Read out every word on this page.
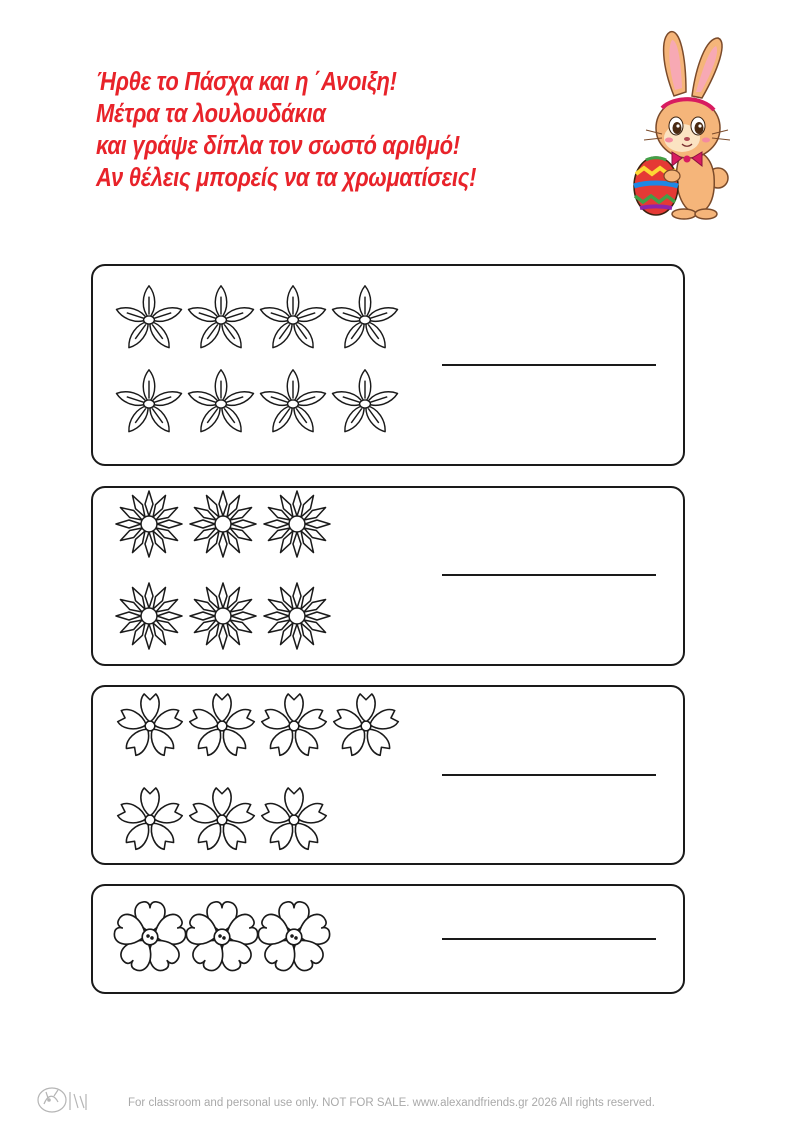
Ήρθε το Πάσχα και η ΄Ανοιξη!
Μέτρα τα λουλουδάκια
και γράψε δίπλα τον σωστό αριθμό!
Αν θέλεις μπορείς να τα χρωματίσεις!
For classroom and personal use only. NOT FOR SALE. www.alexandfriends.gr 2026 All rights reserved.
